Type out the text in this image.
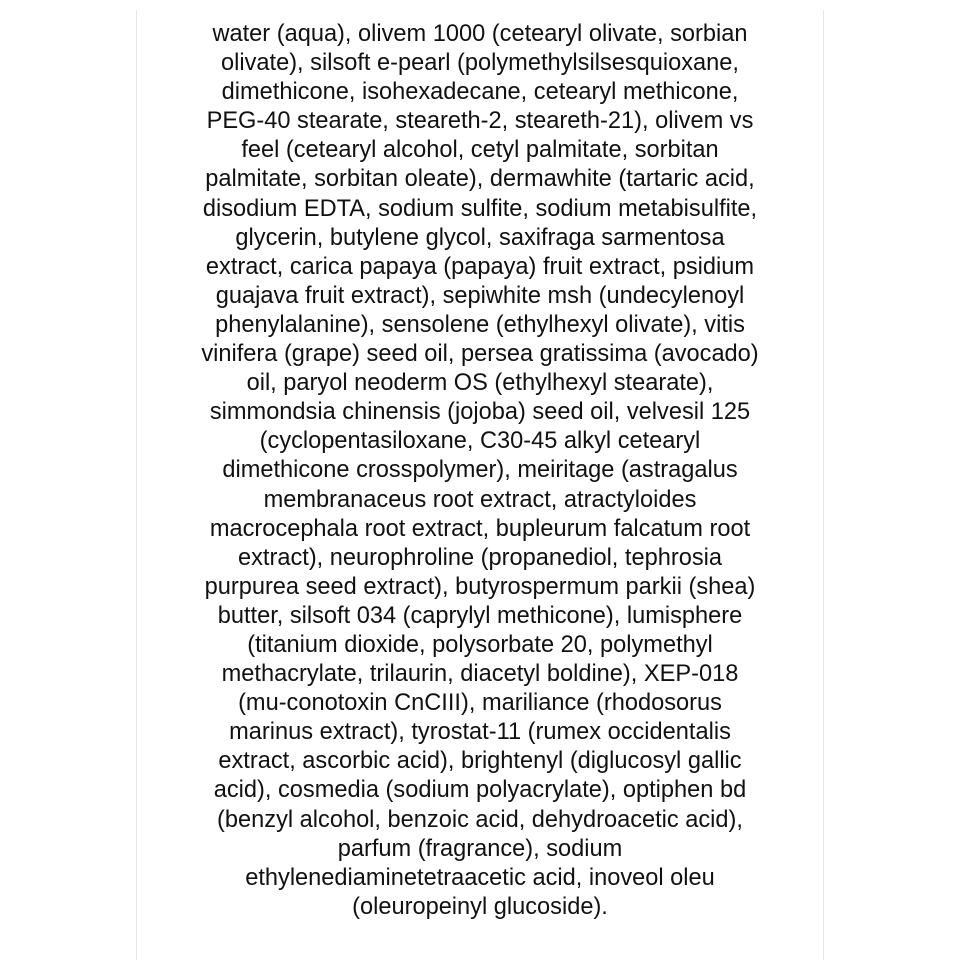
water (aqua), olivem 1000 (cetearyl olivate, sorbian
olivate), silsoft e-pearl (polymethylsilsesquioxane,
dimethicone, isohexadecane, cetearyl methicone,
PEG-40 stearate, steareth-2, steareth-21), olivem vs
feel (cetearyl alcohol, cetyl palmitate, sorbitan
palmitate, sorbitan oleate), dermawhite (tartaric acid,
disodium EDTA, sodium sulfite, sodium metabisulfite,
glycerin, butylene glycol, saxifraga sarmentosa
extract, carica papaya (papaya) fruit extract, psidium
guajava fruit extract), sepiwhite msh (undecylenoyl
phenylalanine), sensolene (ethylhexyl olivate), vitis
vinifera (grape) seed oil, persea gratissima (avocado)
oil, paryol neoderm OS (ethylhexyl stearate),
simmondsia chinensis (jojoba) seed oil, velvesil 125
(cyclopentasiloxane, C30-45 alkyl cetearyl
dimethicone crosspolymer), meiritage (astragalus
membranaceus root extract, atractyloides
macrocephala root extract, bupleurum falcatum root
extract), neurophroline (propanediol, tephrosia
purpurea seed extract), butyrospermum parkii (shea)
butter, silsoft 034 (caprylyl methicone), lumisphere
(titanium dioxide, polysorbate 20, polymethyl
methacrylate, trilaurin, diacetyl boldine), XEP-018
(mu-conotoxin CnCIII), mariliance (rhodosorus
marinus extract), tyrostat-11 (rumex occidentalis
extract, ascorbic acid), brightenyl (diglucosyl gallic
acid), cosmedia (sodium polyacrylate), optiphen bd
(benzyl alcohol, benzoic acid, dehydroacetic acid),
parfum (fragrance), sodium
ethylenediaminetetraacetic acid, inoveol oleu
(oleuropeinyl glucoside).
